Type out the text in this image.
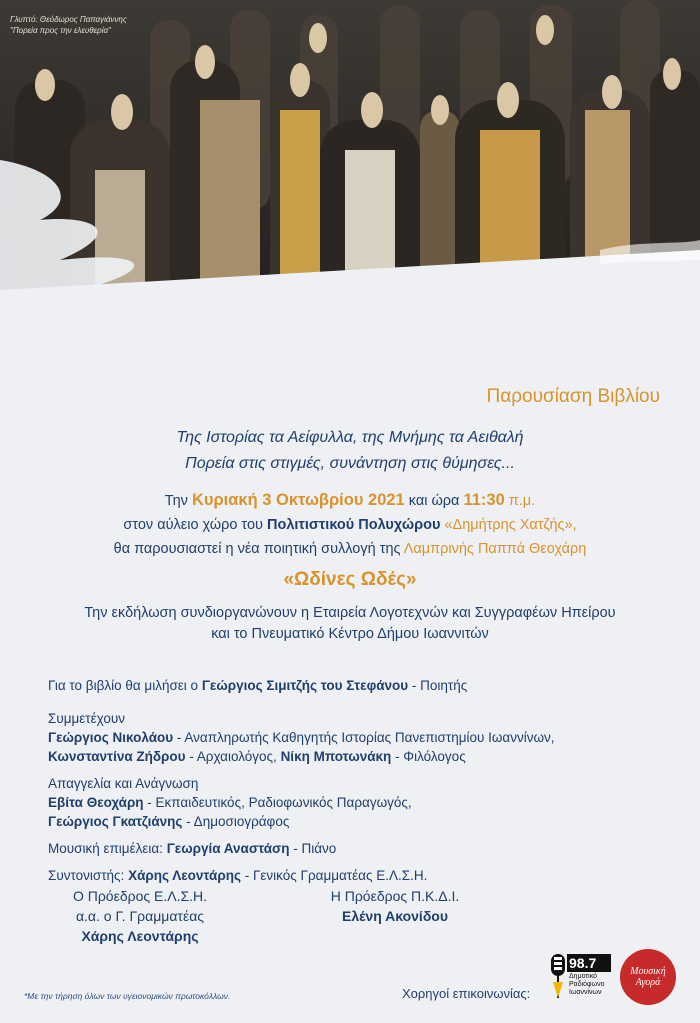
Γλυπτό: Θεόδωρος Παπαγιάννης
"Πορεία προς την ελευθερία"
Παρουσίαση Βιβλίου
Της Ιστορίας τα Αείφυλλα, της Μνήμης τα Αειθαλή
Πορεία στις στιγμές, συνάντηση στις θύμησες...
Την Κυριακή 3 Οκτωβρίου 2021 και ώρα 11:30 π.μ.
στον αύλειο χώρο του Πολιτιστικού Πολυχώρου «Δημήτρης Χατζής»,
θα παρουσιαστεί η νέα ποιητική συλλογή της Λαμπρινής Παππά Θεοχάρη
«Ωδίνες Ωδές»
Την εκδήλωση συνδιοργανώνουν η Εταιρεία Λογοτεχνών και Συγγραφέων Ηπείρου
και το Πνευματικό Κέντρο Δήμου Ιωαννιτών
Για το βιβλίο θα μιλήσει ο Γεώργιος Σιμιτζής του Στεφάνου - Ποιητής
Συμμετέχουν
Γεώργιος Νικολάου - Αναπληρωτής Καθηγητής Ιστορίας Πανεπιστημίου Ιωαννίνων,
Κωνσταντίνα Ζήδρου - Αρχαιολόγος, Νίκη Μποτωνάκη - Φιλόλογος
Απαγγελία και Ανάγνωση
Εβίτα Θεοχάρη - Εκπαιδευτικός, Ραδιοφωνικός Παραγωγός,
Γεώργιος Γκατζιάνης - Δημοσιογράφος
Μουσική επιμέλεια: Γεωργία Αναστάση - Πιάνο
Συντονιστής: Χάρης Λεοντάρης - Γενικός Γραμματέας Ε.Λ.Σ.Η.
Ο Πρόεδρος Ε.Λ.Σ.Η.
α.α. ο Γ. Γραμματέας
Χάρης Λεοντάρης
Η Πρόεδρος Π.Κ.Δ.Ι.
Ελένη Ακονίδου
*Με την τήρηση όλων των υγειονομικών πρωτοκόλλων.	Χορηγοί επικοινωνίας:
98.7
Δημοτικό
Ραδιόφωνο
Ιωαννίνων
Μουσική
Αγορά
